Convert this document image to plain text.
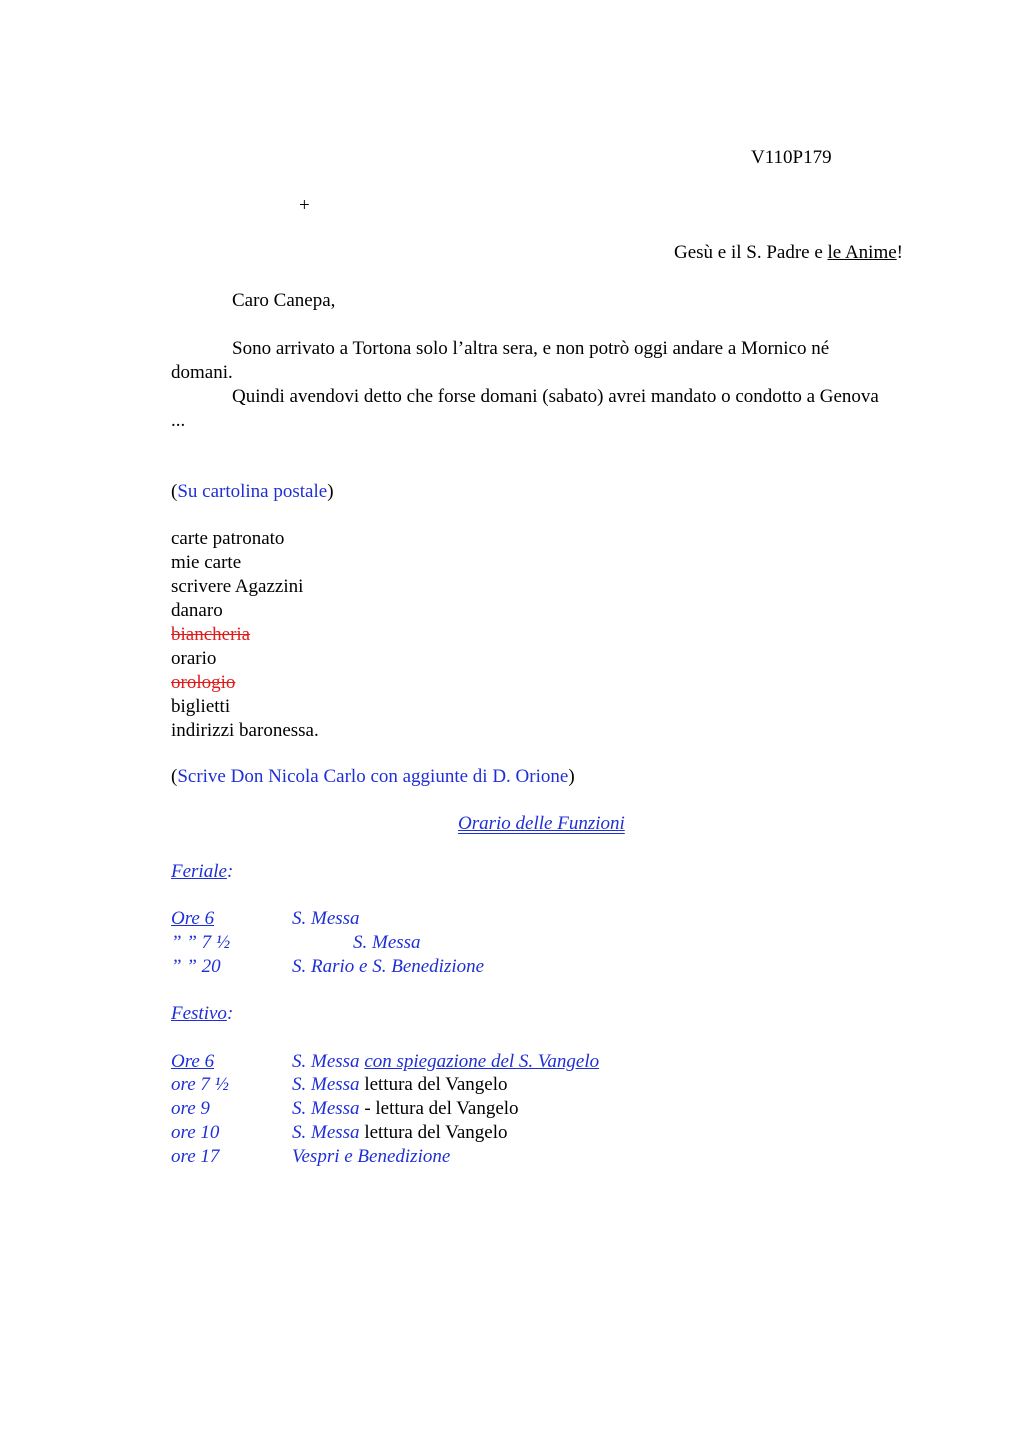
V110P179
+
Gesù e il S. Padre e le Anime!
Caro Canepa,
Sono arrivato a Tortona solo l’altra sera, e non potrò oggi andare a Mornico né domani.
Quindi avendovi detto che forse domani (sabato) avrei mandato o condotto a Genova ...
(Su cartolina postale)
carte patronato
mie carte
scrivere Agazzini
danaro
biancheria
orario
orologio
biglietti
indirizzi baronessa.
(Scrive Don Nicola Carlo con aggiunte di D. Orione)
Orario delle Funzioni
Feriale:
Ore 6	S. Messa
” ” 7 ½	S. Messa
” ” 20	S. Rario e S. Benedizione
Festivo:
Ore 6	S. Messa con spiegazione del S. Vangelo
ore 7 ½	S. Messa lettura del Vangelo
ore 9	S. Messa - lettura del Vangelo
ore 10	S. Messa lettura del Vangelo
ore 17	Vespri e Benedizione
